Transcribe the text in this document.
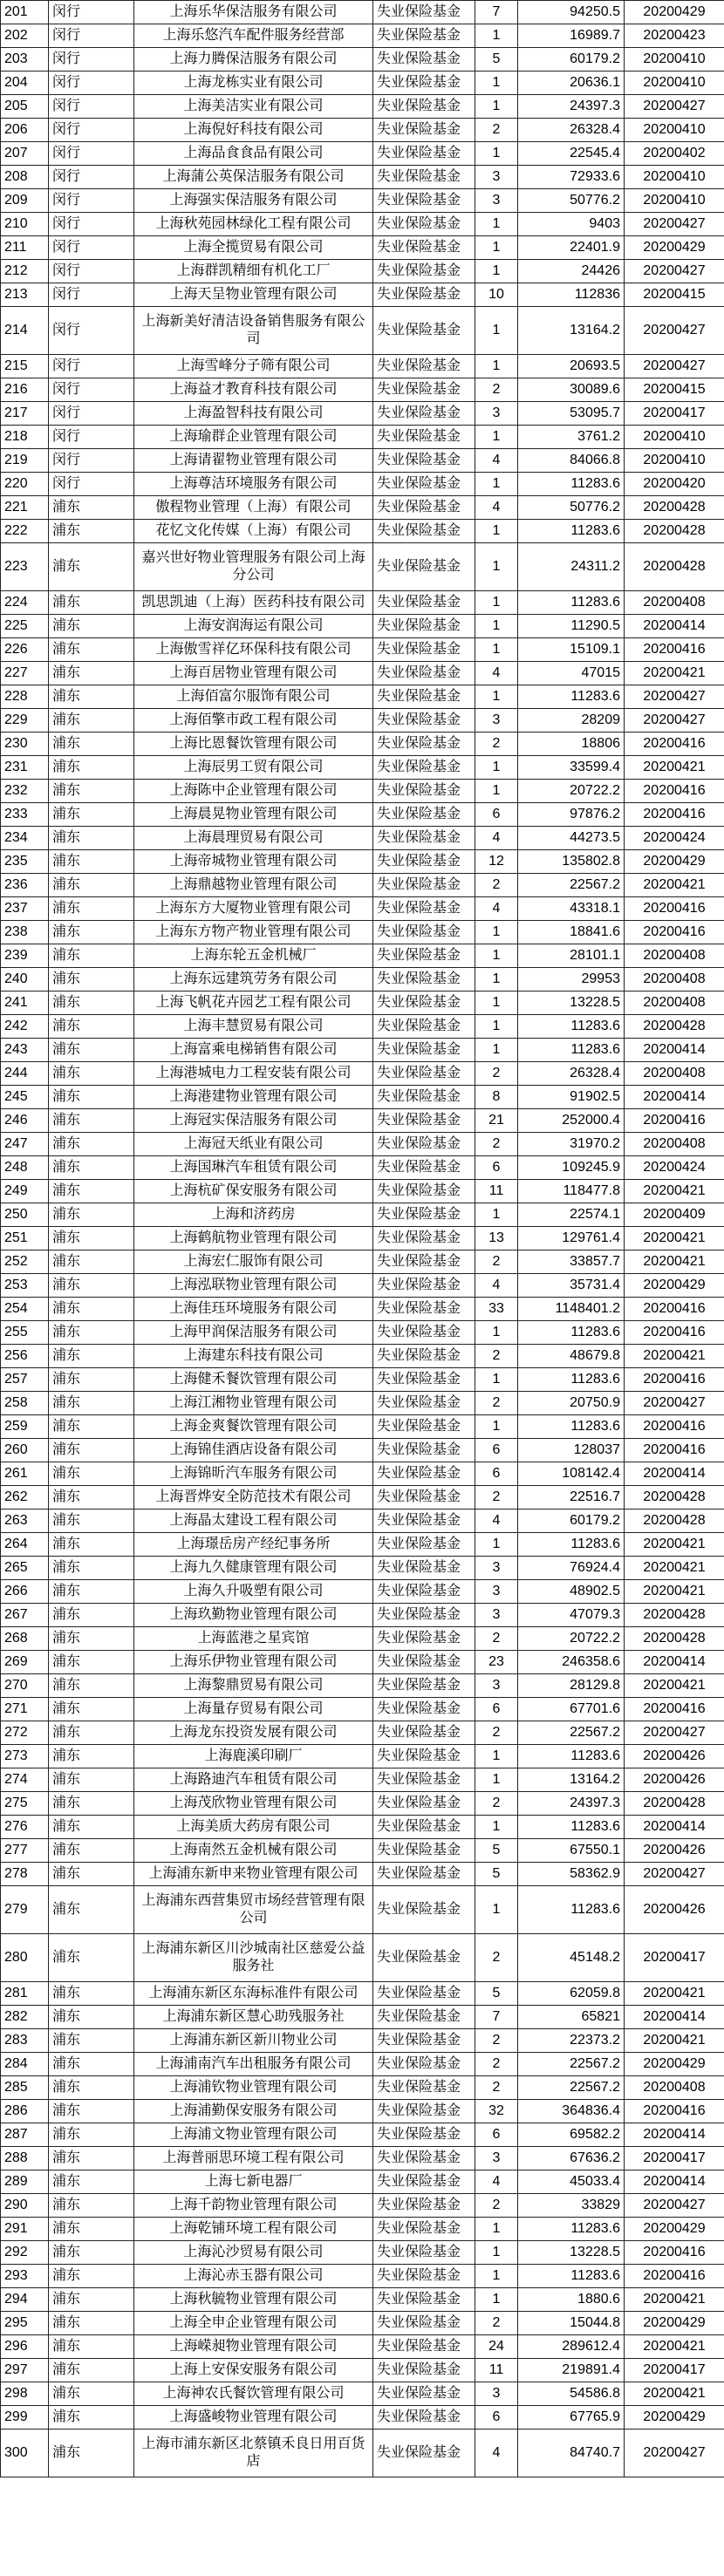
201	闵行	上海乐华保洁服务有限公司	失业保险基金	7	94250.5	20200429
202	闵行	上海乐悠汽车配件服务经营部	失业保险基金	1	16989.7	20200423
203	闵行	上海力腾保洁服务有限公司	失业保险基金	5	60179.2	20200410
204	闵行	上海龙栋实业有限公司	失业保险基金	1	20636.1	20200410
205	闵行	上海美洁实业有限公司	失业保险基金	1	24397.3	20200427
206	闵行	上海倪好科技有限公司	失业保险基金	2	26328.4	20200410
207	闵行	上海品食食品有限公司	失业保险基金	1	22545.4	20200402
208	闵行	上海蒲公英保洁服务有限公司	失业保险基金	3	72933.6	20200410
209	闵行	上海强实保洁服务有限公司	失业保险基金	3	50776.2	20200410
210	闵行	上海秋苑园林绿化工程有限公司	失业保险基金	1	9403	20200427
211	闵行	上海全揽贸易有限公司	失业保险基金	1	22401.9	20200429
212	闵行	上海群凯精细有机化工厂	失业保险基金	1	24426	20200427
213	闵行	上海天呈物业管理有限公司	失业保险基金	10	112836	20200415
214	闵行	上海新美好清洁设备销售服务有限公司	失业保险基金	1	13164.2	20200427
215	闵行	上海雪峰分子筛有限公司	失业保险基金	1	20693.5	20200427
216	闵行	上海益才教育科技有限公司	失业保险基金	2	30089.6	20200415
217	闵行	上海盈智科技有限公司	失业保险基金	3	53095.7	20200417
218	闵行	上海瑜群企业管理有限公司	失业保险基金	1	3761.2	20200410
219	闵行	上海请翟物业管理有限公司	失业保险基金	4	84066.8	20200410
220	闵行	上海尊洁环境服务有限公司	失业保险基金	1	11283.6	20200420
221	浦东	傲程物业管理（上海）有限公司	失业保险基金	4	50776.2	20200428
222	浦东	花忆文化传媒（上海）有限公司	失业保险基金	1	11283.6	20200428
223	浦东	嘉兴世好物业管理服务有限公司上海分公司	失业保险基金	1	24311.2	20200428
224	浦东	凯思凯迪（上海）医药科技有限公司	失业保险基金	1	11283.6	20200408
225	浦东	上海安润海运有限公司	失业保险基金	1	11290.5	20200414
226	浦东	上海傲雪祥亿环保科技有限公司	失业保险基金	1	15109.1	20200416
227	浦东	上海百居物业管理有限公司	失业保险基金	4	47015	20200421
228	浦东	上海佰富尔服饰有限公司	失业保险基金	1	11283.6	20200427
229	浦东	上海佰擎市政工程有限公司	失业保险基金	3	28209	20200427
230	浦东	上海比恩餐饮管理有限公司	失业保险基金	2	18806	20200416
231	浦东	上海辰男工贸有限公司	失业保险基金	1	33599.4	20200421
232	浦东	上海陈中企业管理有限公司	失业保险基金	1	20722.2	20200416
233	浦东	上海晨晃物业管理有限公司	失业保险基金	6	97876.2	20200416
234	浦东	上海晨理贸易有限公司	失业保险基金	4	44273.5	20200424
235	浦东	上海帝城物业管理有限公司	失业保险基金	12	135802.8	20200429
236	浦东	上海鼎越物业管理有限公司	失业保险基金	2	22567.2	20200421
237	浦东	上海东方大厦物业管理有限公司	失业保险基金	4	43318.1	20200416
238	浦东	上海东方物产物业管理有限公司	失业保险基金	1	18841.6	20200416
239	浦东	上海东轮五金机械厂	失业保险基金	1	28101.1	20200408
240	浦东	上海东远建筑劳务有限公司	失业保险基金	1	29953	20200408
241	浦东	上海飞帆花卉园艺工程有限公司	失业保险基金	1	13228.5	20200408
242	浦东	上海丰慧贸易有限公司	失业保险基金	1	11283.6	20200428
243	浦东	上海富乘电梯销售有限公司	失业保险基金	1	11283.6	20200414
244	浦东	上海港城电力工程安装有限公司	失业保险基金	2	26328.4	20200408
245	浦东	上海港建物业管理有限公司	失业保险基金	8	91902.5	20200414
246	浦东	上海冠实保洁服务有限公司	失业保险基金	21	252000.4	20200416
247	浦东	上海冠天纸业有限公司	失业保险基金	2	31970.2	20200408
248	浦东	上海国琳汽车租赁有限公司	失业保险基金	6	109245.9	20200424
249	浦东	上海杭矿保安服务有限公司	失业保险基金	11	118477.8	20200421
250	浦东	上海和济药房	失业保险基金	1	22574.1	20200409
251	浦东	上海鹤航物业管理有限公司	失业保险基金	13	129761.4	20200421
252	浦东	上海宏仁服饰有限公司	失业保险基金	2	33857.7	20200421
253	浦东	上海泓联物业管理有限公司	失业保险基金	4	35731.4	20200429
254	浦东	上海佳珏环境服务有限公司	失业保险基金	33	1148401.2	20200416
255	浦东	上海甲润保洁服务有限公司	失业保险基金	1	11283.6	20200416
256	浦东	上海建东科技有限公司	失业保险基金	2	48679.8	20200421
257	浦东	上海健禾餐饮管理有限公司	失业保险基金	1	11283.6	20200416
258	浦东	上海江湘物业管理有限公司	失业保险基金	2	20750.9	20200427
259	浦东	上海金爽餐饮管理有限公司	失业保险基金	1	11283.6	20200416
260	浦东	上海锦佳酒店设备有限公司	失业保险基金	6	128037	20200416
261	浦东	上海锦昕汽车服务有限公司	失业保险基金	6	108142.4	20200414
262	浦东	上海晋烨安全防范技术有限公司	失业保险基金	2	22516.7	20200428
263	浦东	上海晶太建设工程有限公司	失业保险基金	4	60179.2	20200428
264	浦东	上海璟岳房产经纪事务所	失业保险基金	1	11283.6	20200421
265	浦东	上海九久健康管理有限公司	失业保险基金	3	76924.4	20200421
266	浦东	上海久升吸塑有限公司	失业保险基金	3	48902.5	20200421
267	浦东	上海玖勤物业管理有限公司	失业保险基金	3	47079.3	20200428
268	浦东	上海蓝港之星宾馆	失业保险基金	2	20722.2	20200428
269	浦东	上海乐伊物业管理有限公司	失业保险基金	23	246358.6	20200414
270	浦东	上海黎鼎贸易有限公司	失业保险基金	3	28129.8	20200421
271	浦东	上海量存贸易有限公司	失业保险基金	6	67701.6	20200416
272	浦东	上海龙东投资发展有限公司	失业保险基金	2	22567.2	20200427
273	浦东	上海鹿溪印刷厂	失业保险基金	1	11283.6	20200426
274	浦东	上海路迪汽车租赁有限公司	失业保险基金	1	13164.2	20200426
275	浦东	上海茂欣物业管理有限公司	失业保险基金	2	24397.3	20200428
276	浦东	上海美质大药房有限公司	失业保险基金	1	11283.6	20200414
277	浦东	上海南然五金机械有限公司	失业保险基金	5	67550.1	20200426
278	浦东	上海浦东新申来物业管理有限公司	失业保险基金	5	58362.9	20200427
279	浦东	上海浦东西营集贸市场经营管理有限公司	失业保险基金	1	11283.6	20200426
280	浦东	上海浦东新区川沙城南社区慈爱公益服务社	失业保险基金	2	45148.2	20200417
281	浦东	上海浦东新区东海标准件有限公司	失业保险基金	5	62059.8	20200421
282	浦东	上海浦东新区慧心助残服务社	失业保险基金	7	65821	20200414
283	浦东	上海浦东新区新川物业公司	失业保险基金	2	22373.2	20200421
284	浦东	上海浦南汽车出租服务有限公司	失业保险基金	2	22567.2	20200429
285	浦东	上海浦钦物业管理有限公司	失业保险基金	2	22567.2	20200408
286	浦东	上海浦勤保安服务有限公司	失业保险基金	32	364836.4	20200416
287	浦东	上海浦文物业管理有限公司	失业保险基金	6	69582.2	20200414
288	浦东	上海普丽思环境工程有限公司	失业保险基金	3	67636.2	20200417
289	浦东	上海七新电器厂	失业保险基金	4	45033.4	20200414
290	浦东	上海千韵物业管理有限公司	失业保险基金	2	33829	20200427
291	浦东	上海乾铺环境工程有限公司	失业保险基金	1	11283.6	20200429
292	浦东	上海沁沙贸易有限公司	失业保险基金	1	13228.5	20200416
293	浦东	上海沁赤玉器有限公司	失业保险基金	1	11283.6	20200416
294	浦东	上海秋毓物业管理有限公司	失业保险基金	1	1880.6	20200421
295	浦东	上海全申企业管理有限公司	失业保险基金	2	15044.8	20200429
296	浦东	上海嵘昶物业管理有限公司	失业保险基金	24	289612.4	20200421
297	浦东	上海上安保安服务有限公司	失业保险基金	11	219891.4	20200417
298	浦东	上海神农氏餐饮管理有限公司	失业保险基金	3	54586.8	20200421
299	浦东	上海盛峻物业管理有限公司	失业保险基金	6	67765.9	20200429
300	浦东	上海市浦东新区北蔡镇禾良日用百货店	失业保险基金	4	84740.7	20200427
